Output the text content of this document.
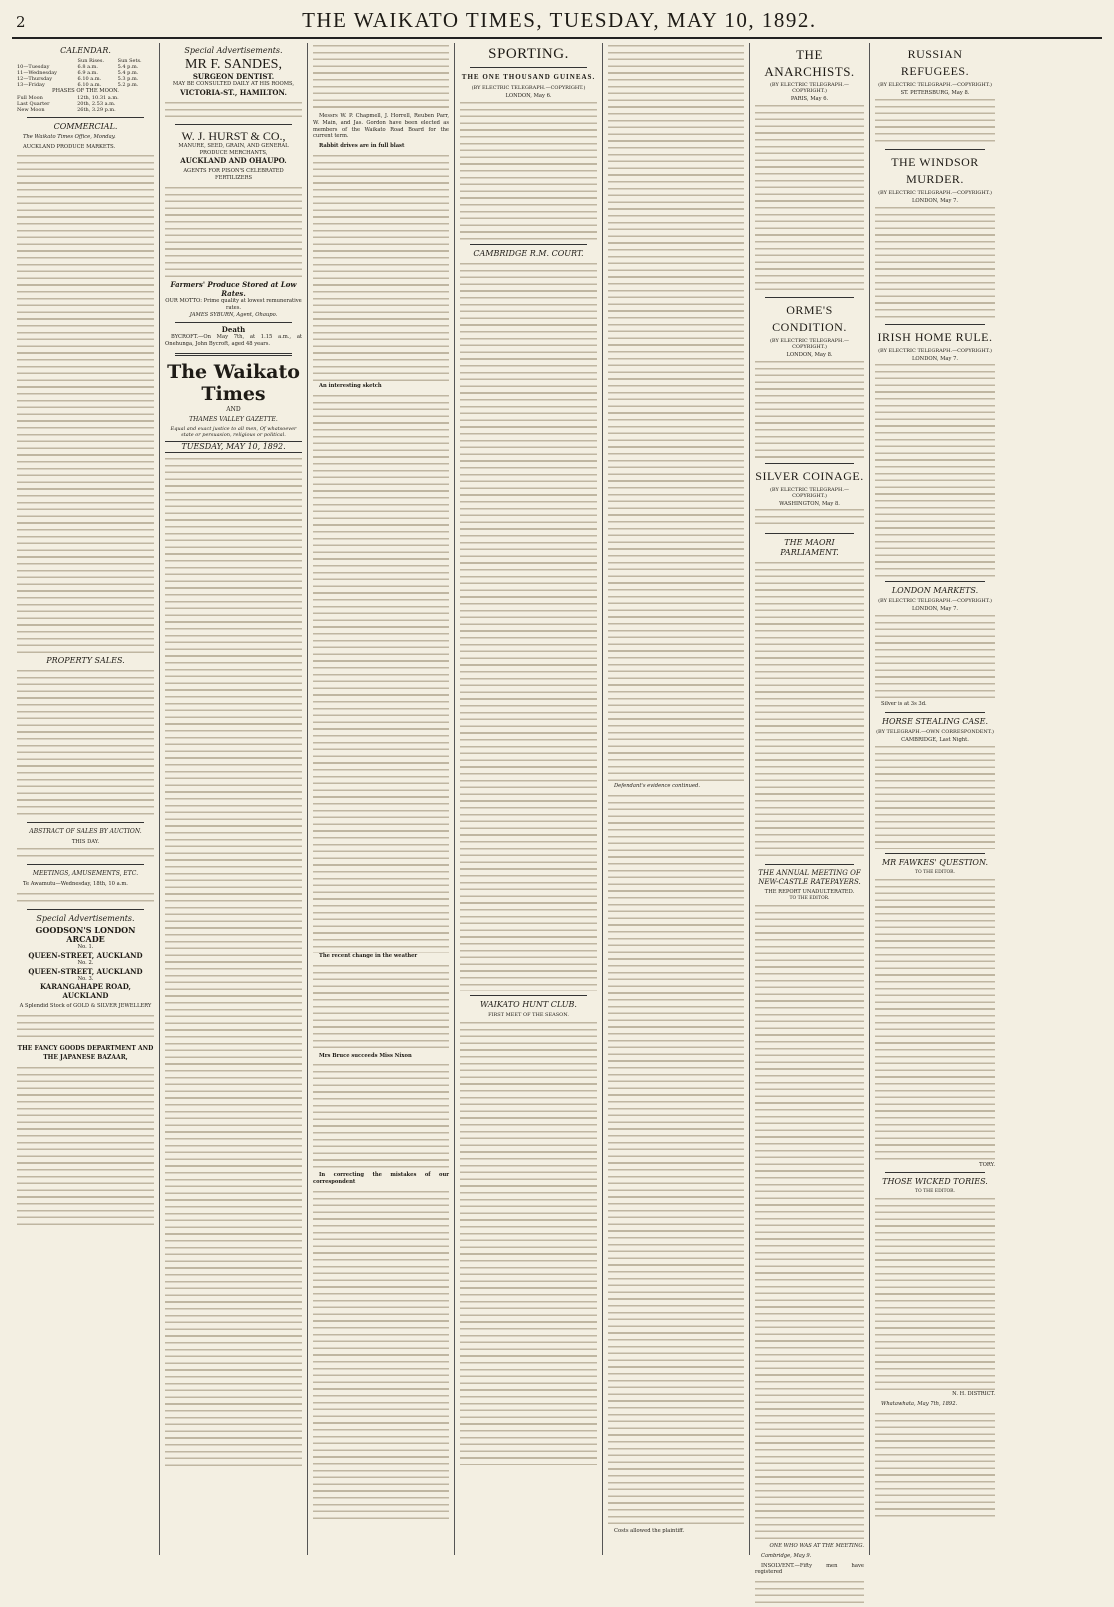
2	THE WAIKATO TIMES, TUESDAY, MAY 10, 1892.

CALENDAR.
	Sun Rises.	Sun Sets.
10—Tuesday	6.8 a.m.	5.4 p.m.
11—Wednesday	6.9 a.m.	5.4 p.m.
12—Thursday	6.10 a.m.	5.3 p.m.
13—Friday	6.10 a.m.	5.2 p.m.
PHASES OF THE MOON.
Full Moon	12th, 10.31 a.m.
Last Quarter	20th, 2.53 a.m.
New Moon	26th, 3.29 p.m.
COMMERCIAL.
The Waikato Times Office, Monday.
AUCKLAND PRODUCE MARKETS.
PROPERTY SALES.
ABSTRACT OF SALES BY AUCTION.
THIS DAY.
MEETINGS, AMUSEMENTS, ETC.
Te Awamutu—Wednesday, 18th, 10 a.m.
Special Advertisements.
GOODSON'S LONDON ARCADE
No. 1.
QUEEN-STREET, AUCKLAND
No. 2.
QUEEN-STREET, AUCKLAND
No. 3.
KARANGAHAPE ROAD, AUCKLAND
A Splendid Stock of GOLD & SILVER JEWELLERY
THE FANCY GOODS DEPARTMENT AND THE JAPANESE BAZAAR,
Special Advertisements.
MR F. SANDES,
SURGEON DENTIST.
MAY BE CONSULTED DAILY AT HIS ROOMS,
VICTORIA-ST., HAMILTON.
W. J. HURST & CO.,
MANURE, SEED, GRAIN, AND GENERAL PRODUCE MERCHANTS,
AUCKLAND AND OHAUPO.
AGENTS FOR PISON'S CELEBRATED FERTILIZERS
Farmers' Produce Stored at Low Rates.
OUR MOTTO: Prime quality at lowest remunerative rates.
JAMES SYBURN, Agent, Ohaupo.
Death
BYCROFT.—On May 7th, at 1.15 a.m., at Onehunga, John Bycroft, aged 48 years.
The Waikato Times
AND
THAMES VALLEY GAZETTE.
Equal and exact justice to all men, Of whatsoever state or persuasion, religious or political.
TUESDAY, MAY 10, 1892.
Messrs W. P. Chapmell, J. Horrell, Reuben Parr, W. Main, and Jas. Gordon have been elected as members of the Waikato Road Board for the current term.
Rabbit drives are in full blast
An interesting sketch
The recent change in the weather
Mrs Bruce succeeds Miss Nixon
In correcting the mistakes of our correspondent
SPORTING.
THE ONE THOUSAND GUINEAS.
(BY ELECTRIC TELEGRAPH.—COPYRIGHT.)
LONDON, May 6.
CAMBRIDGE R.M. COURT.
WAIKATO HUNT CLUB.
FIRST MEET OF THE SEASON.
Defendant's evidence continued.
Costs allowed the plaintiff.
THE ANARCHISTS.
(BY ELECTRIC TELEGRAPH.—COPYRIGHT.)
PARIS, May 6.
ORME'S CONDITION.
(BY ELECTRIC TELEGRAPH.—COPYRIGHT.)
LONDON, May 8.
SILVER COINAGE.
(BY ELECTRIC TELEGRAPH.—COPYRIGHT.)
WASHINGTON, May 8.
THE MAORI PARLIAMENT.
THE ANNUAL MEETING OF NEW-CASTLE RATEPAYERS.
THE REPORT UNADULTERATED.
TO THE EDITOR.
ONE WHO WAS AT THE MEETING.
Cambridge, May 9.
INSOLVENT.—Fifty men have registered
RUSSIAN REFUGEES.
(BY ELECTRIC TELEGRAPH.—COPYRIGHT.)
ST. PETERSBURG, May 8.
THE WINDSOR MURDER.
(BY ELECTRIC TELEGRAPH.—COPYRIGHT.)
LONDON, May 7.
IRISH HOME RULE.
(BY ELECTRIC TELEGRAPH.—COPYRIGHT.)
LONDON, May 7.
LONDON MARKETS.
(BY ELECTRIC TELEGRAPH.—COPYRIGHT.)
LONDON, May 7.
Silver is at 3s 3d.
HORSE STEALING CASE.
(BY TELEGRAPH.—OWN CORRESPONDENT.)
CAMBRIDGE, Last Night.
MR FAWKES' QUESTION.
TO THE EDITOR.
TORY.
THOSE WICKED TORIES.
TO THE EDITOR.
N. H. DISTRICT.
Whatawhata, May 7th, 1892.
